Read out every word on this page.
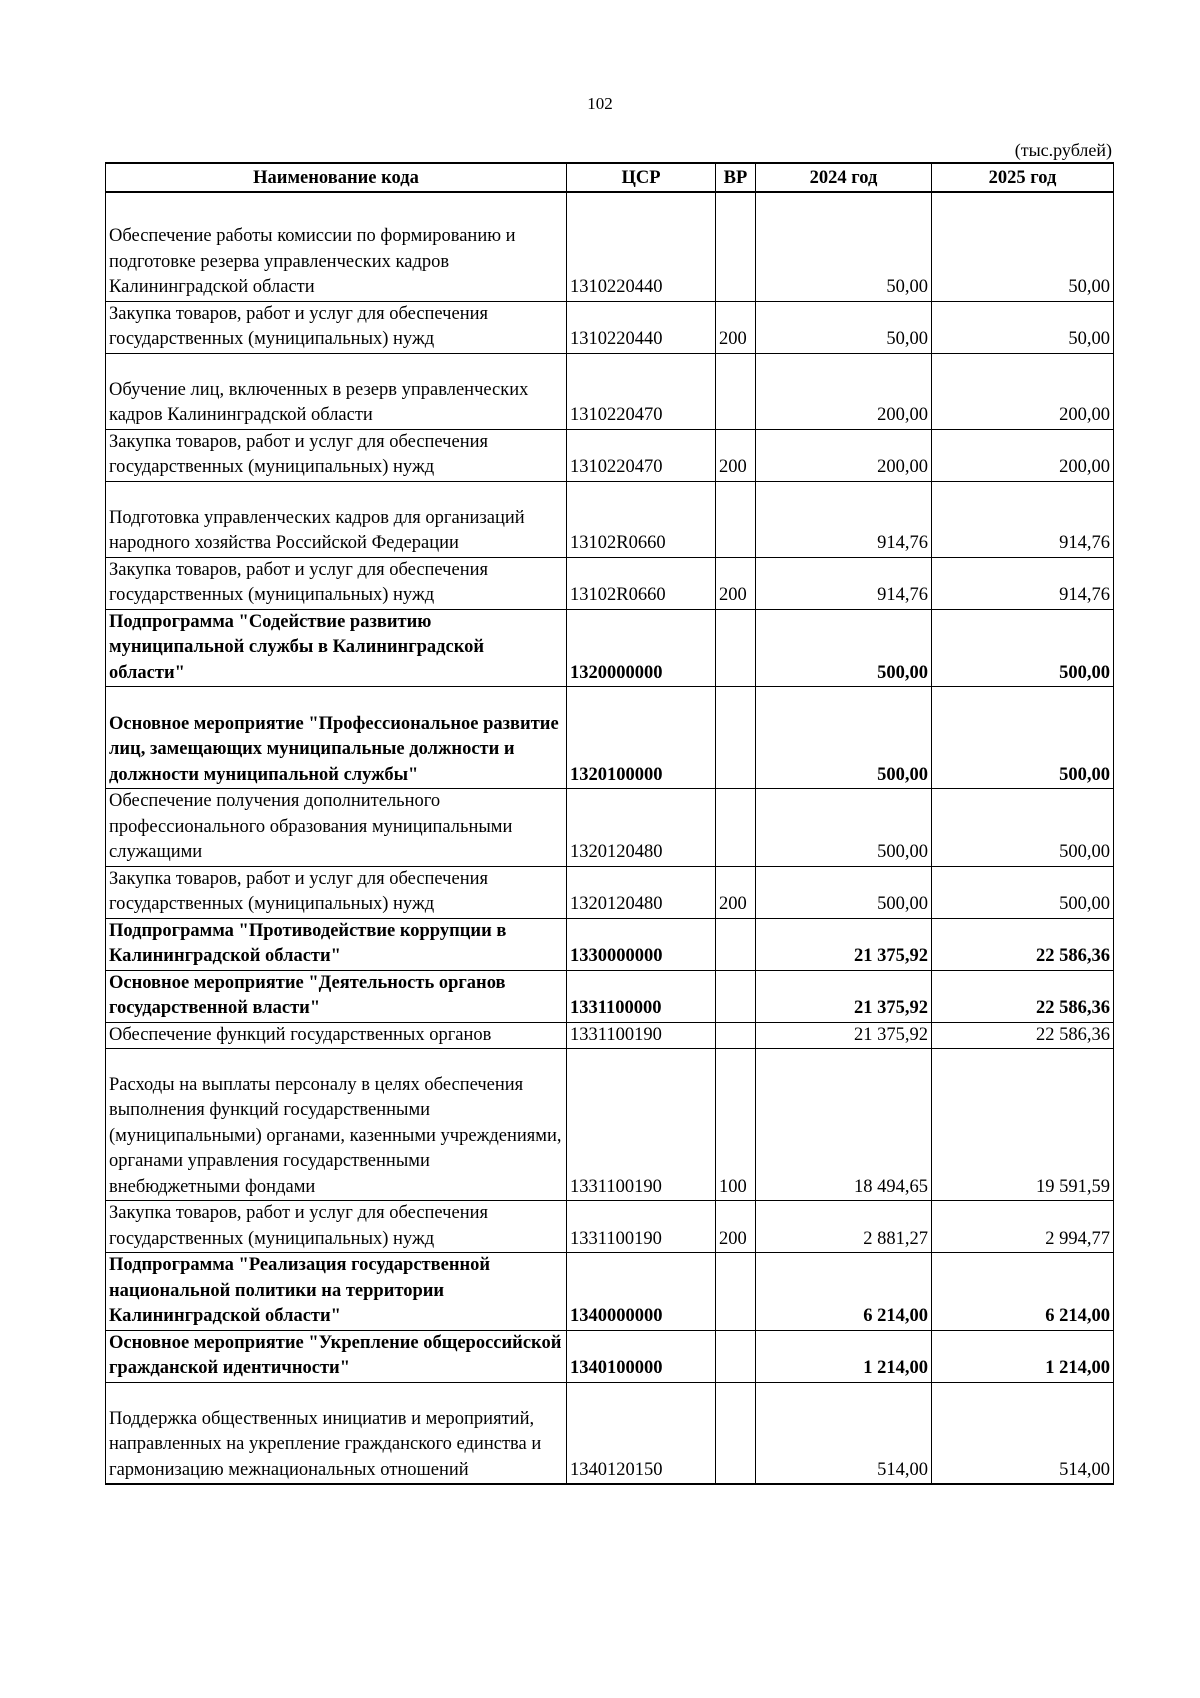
102
(тыс.рублей)
Наименование кода	ЦСР	ВР	2024 год	2025 год
Обеспечение работы комиссии по формированию и подготовке резерва управленческих кадров Калининградской области	1310220440		50,00	50,00
Закупка товаров, работ и услуг для обеспечения государственных (муниципальных) нужд	1310220440	200	50,00	50,00
Обучение лиц, включенных в резерв управленческих кадров Калининградской области	1310220470		200,00	200,00
Закупка товаров, работ и услуг для обеспечения государственных (муниципальных) нужд	1310220470	200	200,00	200,00
Подготовка управленческих кадров для организаций народного хозяйства Российской Федерации	13102R0660		914,76	914,76
Закупка товаров, работ и услуг для обеспечения государственных (муниципальных) нужд	13102R0660	200	914,76	914,76
Подпрограмма "Содействие развитию муниципальной службы в Калининградской области"	1320000000		500,00	500,00
Основное мероприятие "Профессиональное развитие лиц, замещающих муниципальные должности и должности муниципальной службы"	1320100000		500,00	500,00
Обеспечение получения дополнительного профессионального образования муниципальными служащими	1320120480		500,00	500,00
Закупка товаров, работ и услуг для обеспечения государственных (муниципальных) нужд	1320120480	200	500,00	500,00
Подпрограмма "Противодействие коррупции в Калининградской области"	1330000000		21 375,92	22 586,36
Основное мероприятие "Деятельность органов государственной власти"	1331100000		21 375,92	22 586,36
Обеспечение функций государственных органов	1331100190		21 375,92	22 586,36
Расходы на выплаты персоналу в целях обеспечения выполнения функций государственными (муниципальными) органами, казенными учреждениями, органами управления государственными внебюджетными фондами	1331100190	100	18 494,65	19 591,59
Закупка товаров, работ и услуг для обеспечения государственных (муниципальных) нужд	1331100190	200	2 881,27	2 994,77
Подпрограмма "Реализация государственной национальной политики на территории Калининградской области"	1340000000		6 214,00	6 214,00
Основное мероприятие "Укрепление общероссийской гражданской идентичности"	1340100000		1 214,00	1 214,00
Поддержка общественных инициатив и мероприятий, направленных на укрепление гражданского единства и гармонизацию межнациональных отношений	1340120150		514,00	514,00
